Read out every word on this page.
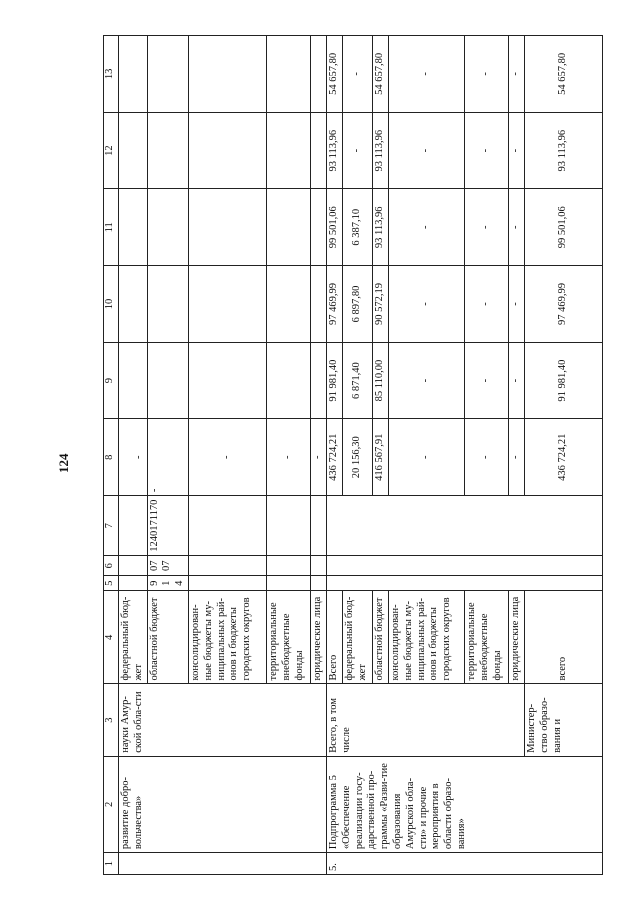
124
1	2	3	4	5	6	7	8	9	10	11	12	13
	развитие добро-вольчества»	науки Амур-ской обла-сти	федеральный бюд-жет				-					
			областной бюджет	914	0707	1240171170	-					
			консолидирован-ные бюджеты му-ниципальных рай-онов и бюджеты городских округов				-					
			территориальные внебюджетные фонды				-					
			юридические лица				-					
5.	Подпрограмма 5 «Обеспечение реализации госу-дарственной про-граммы «Разви-тие образования Амурской обла-сти» и прочие мероприятия в области образо-вания»	Всего, в том числе	Всего				436 724,21	91 981,40	97 469,99	99 501,06	93 113,96	54 657,80
			федеральный бюд-жет				20 156,30	6 871,40	6 897,80	6 387,10	-	-
			областной бюджет				416 567,91	85 110,00	90 572,19	93 113,96	93 113,96	54 657,80
			консолидирован-ные бюджеты му-ниципальных рай-онов и бюджеты городских округов				-	-	-	-	-	-
			территориальные внебюджетные фонды				-	-	-	-	-	-
			юридические лица				-	-	-	-	-	-
		Министер-ство образо-вания и	всего				436 724,21	91 981,40	97 469,99	99 501,06	93 113,96	54 657,80
